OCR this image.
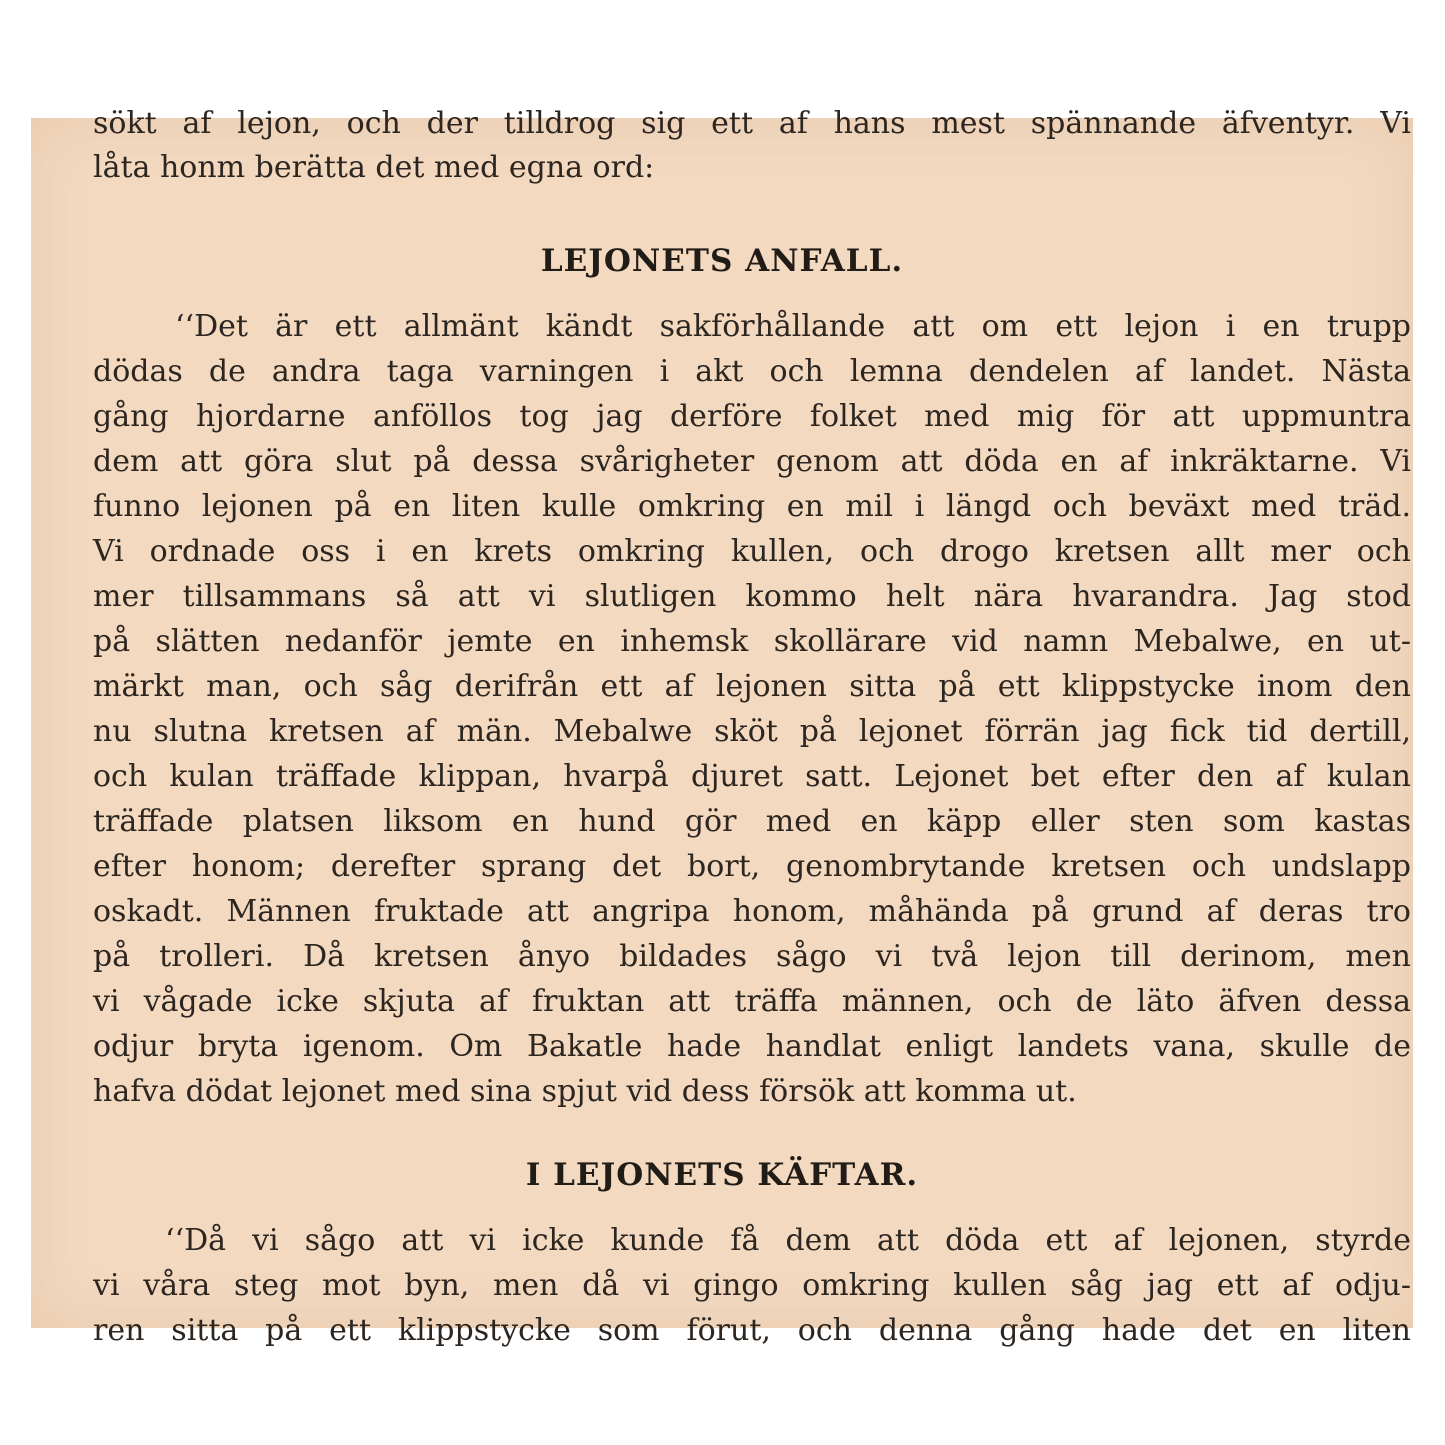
sökt af lejon, och der tilldrog sig ett af hans mest spännande äfventyr. Vi
låta honm berätta det med egna ord:
LEJONETS ANFALL.
‘‘Det är ett allmänt kändt sakförhållande att om ett lejon i en trupp
dödas de andra taga varningen i akt och lemna dendelen af landet. Nästa
gång hjordarne anföllos tog jag derföre folket med mig för att uppmuntra
dem att göra slut på dessa svårigheter genom att döda en af inkräktarne. Vi
funno lejonen på en liten kulle omkring en mil i längd och beväxt med träd.
Vi ordnade oss i en krets omkring kullen, och drogo kretsen allt mer och
mer tillsammans så att vi slutligen kommo helt nära hvarandra. Jag stod
på slätten nedanför jemte en inhemsk skollärare vid namn Mebalwe, en ut-
märkt man, och såg derifrån ett af lejonen sitta på ett klippstycke inom den
nu slutna kretsen af män. Mebalwe sköt på lejonet förrän jag fick tid dertill,
och kulan träffade klippan, hvarpå djuret satt. Lejonet bet efter den af kulan
träffade platsen liksom en hund gör med en käpp eller sten som kastas
efter honom; derefter sprang det bort, genombrytande kretsen och undslapp
oskadt. Männen fruktade att angripa honom, måhända på grund af deras tro
på trolleri. Då kretsen ånyo bildades sågo vi två lejon till derinom, men
vi vågade icke skjuta af fruktan att träffa männen, och de läto äfven dessa
odjur bryta igenom. Om Bakatle hade handlat enligt landets vana, skulle de
hafva dödat lejonet med sina spjut vid dess försök att komma ut.
I LEJONETS KÄFTAR.
‘‘Då vi sågo att vi icke kunde få dem att döda ett af lejonen, styrde
vi våra steg mot byn, men då vi gingo omkring kullen såg jag ett af odju-
ren sitta på ett klippstycke som förut, och denna gång hade det en liten
